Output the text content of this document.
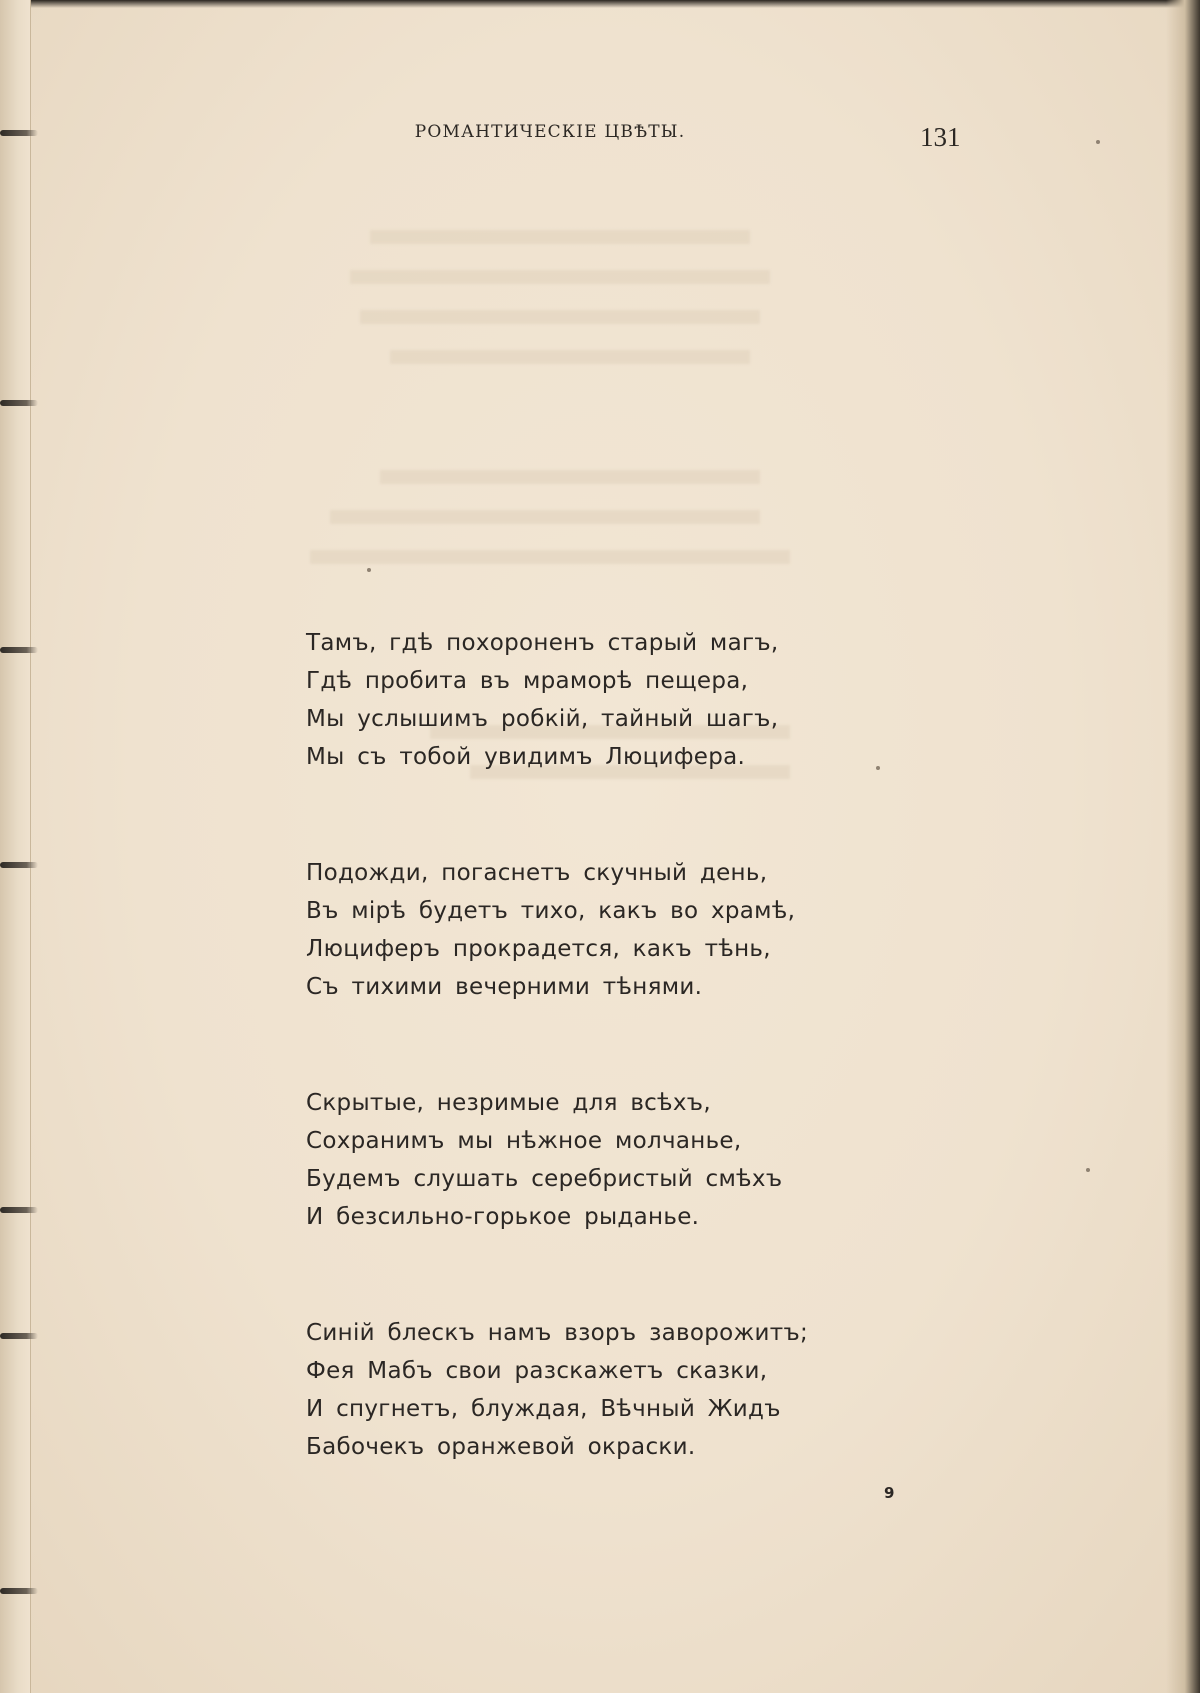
РОМАНТИЧЕСКІЕ ЦВѢТЫ.	131
Тамъ, гдѣ похороненъ старый магъ,
Гдѣ пробита въ мраморѣ пещера,
Мы услышимъ робкій, тайный шагъ,
Мы съ тобой увидимъ Люцифера.
Подожди, погаснетъ скучный день,
Въ мірѣ будетъ тихо, какъ во храмѣ,
Люциферъ прокрадется, какъ тѣнь,
Съ тихими вечерними тѣнями.
Скрытые, незримые для всѣхъ,
Сохранимъ мы нѣжное молчанье,
Будемъ слушать серебристый смѣхъ
И безсильно-горькое рыданье.
Синій блескъ намъ взоръ заворожитъ;
Фея Мабъ свои разскажетъ сказки,
И спугнетъ, блуждая, Вѣчный Жидъ
Бабочекъ оранжевой окраски.
9
